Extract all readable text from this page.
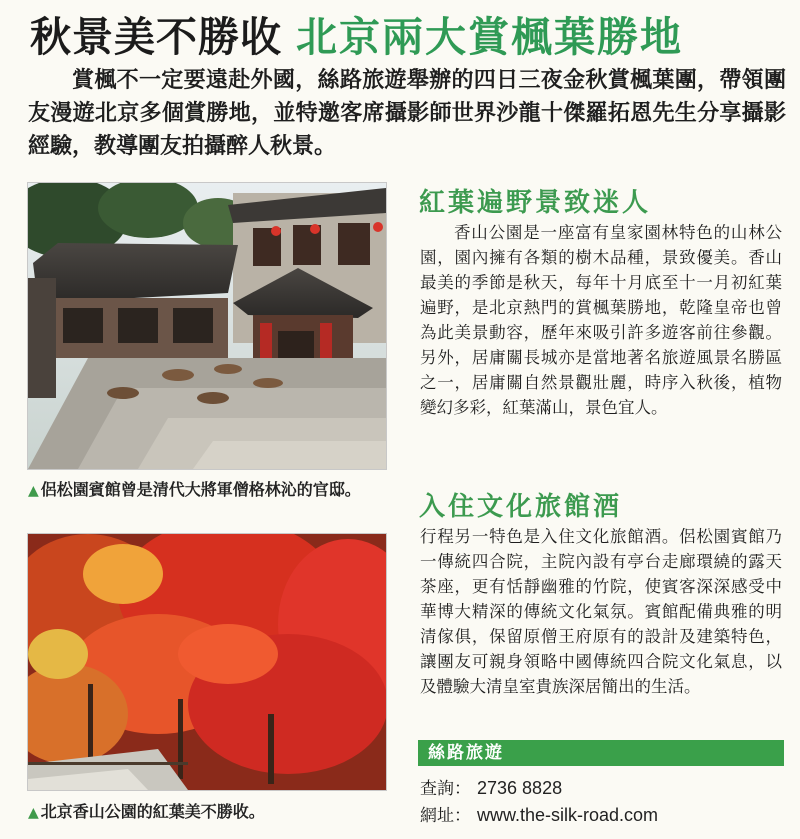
秋景美不勝收 北京兩大賞楓葉勝地
賞楓不一定要遠赴外國，絲路旅遊舉辦的四日三夜金秋賞楓葉團，帶領團友漫遊北京多個賞勝地，並特邀客席攝影師世界沙龍十傑羅拓恩先生分享攝影經驗，教導團友拍攝醉人秋景。
▲ 侶松園賓館曾是清代大將軍僧格林沁的官邸。
▲ 北京香山公園的紅葉美不勝收。
紅葉遍野景致迷人
香山公園是一座富有皇家園林特色的山林公園，園內擁有各類的樹木品種，景致優美。香山最美的季節是秋天，每年十月底至十一月初紅葉遍野，是北京熱門的賞楓葉勝地，乾隆皇帝也曾為此美景動容，歷年來吸引許多遊客前往參觀。另外，居庸關長城亦是當地著名旅遊風景名勝區之一，居庸關自然景觀壯麗，時序入秋後，植物變幻多彩，紅葉滿山，景色宜人。
入住文化旅館酒
行程另一特色是入住文化旅館酒。侶松園賓館乃一傳統四合院，主院內設有亭台走廊環繞的露天茶座，更有恬靜幽雅的竹院，使賓客深深感受中華博大精深的傳統文化氣氛。賓館配備典雅的明清傢俱，保留原僧王府原有的設計及建築特色，讓團友可親身領略中國傳統四合院文化氣息，以及體驗大清皇室貴族深居簡出的生活。
絲路旅遊
查詢： 2736 8828
網址： www.the-silk-road.com
